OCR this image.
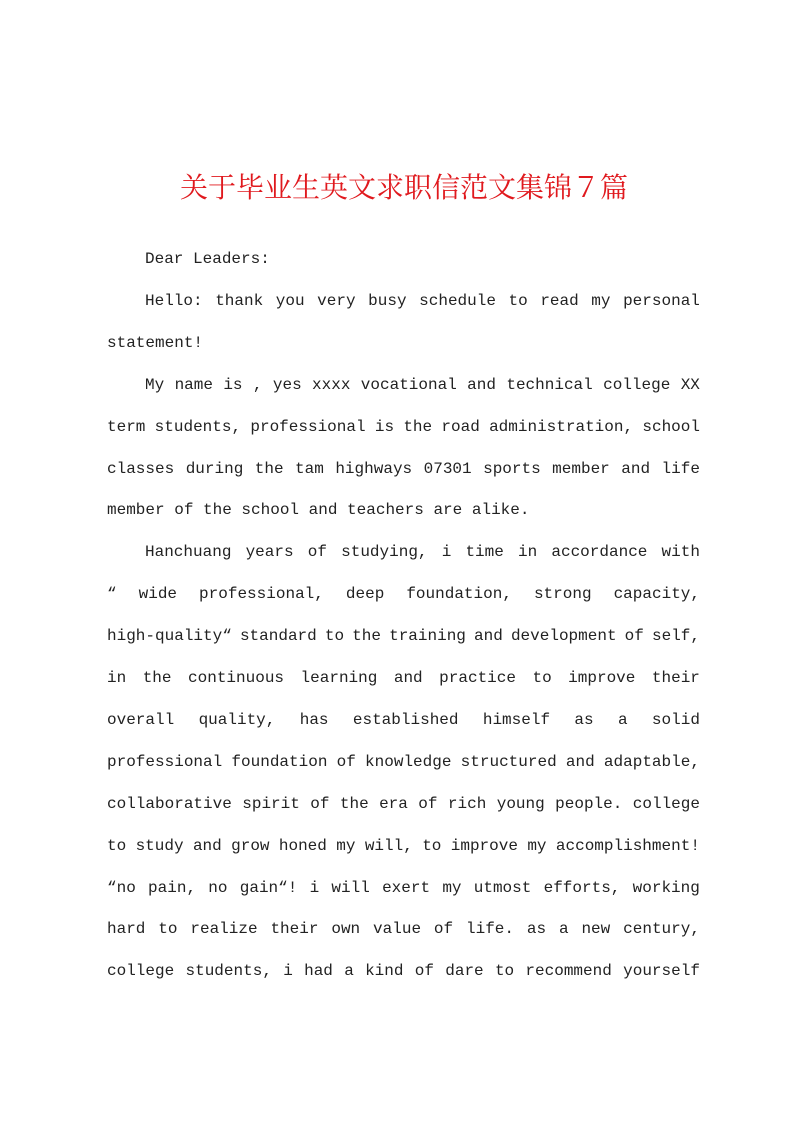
关于毕业生英文求职信范文集锦７篇
Dear Leaders:
Hello: thank you very busy schedule to read my personal
statement!
My name is , yes xxxx vocational and technical college XX
term students, professional is the road administration, school
classes during the tam highways 07301 sports member and life
member of the school and teachers are alike.
Hanchuang years of studying, i time in accordance with
“ wide professional, deep foundation, strong capacity,
high-quality“ standard to the training and development of self,
in the continuous learning and practice to improve their
overall quality, has established himself as a solid
professional foundation of knowledge structured and adaptable,
collaborative spirit of the era of rich young people. college
to study and grow honed my will, to improve my accomplishment!
“no pain, no gain“! i will exert my utmost efforts, working
hard to realize their own value of life. as a new century,
college students, i had a kind of dare to recommend yourself
